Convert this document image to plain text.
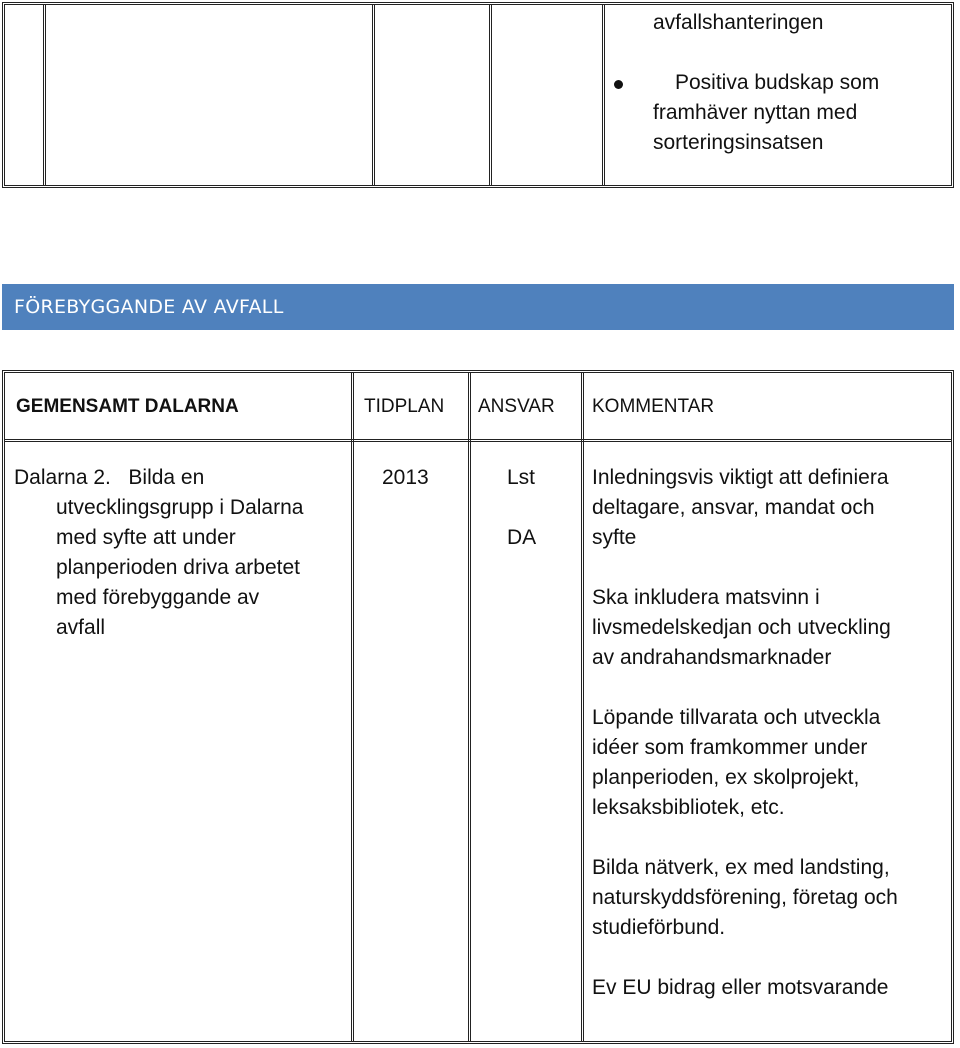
avfallshanteringen
Positiva budskap som
framhäver nyttan med
sorteringsinsatsen
FÖREBYGGANDE AV AVFALL
GEMENSAMT DALARNA	TIDPLAN ANSVAR KOMMENTAR
Dalarna 2.   Bilda en
utvecklingsgrupp i Dalarna
med syfte att under
planperioden driva arbetet
med förebyggande av
avfall
2013	Lst
DA
Inledningsvis viktigt att definiera
deltagare, ansvar, mandat och
syfte
Ska inkludera matsvinn i
livsmedelskedjan och utveckling
av andrahandsmarknader
Löpande tillvarata och utveckla
idéer som framkommer under
planperioden, ex skolprojekt,
leksaksbibliotek, etc.
Bilda nätverk, ex med landsting,
naturskyddsförening, företag och
studieförbund.
Ev EU bidrag eller motsvarande
